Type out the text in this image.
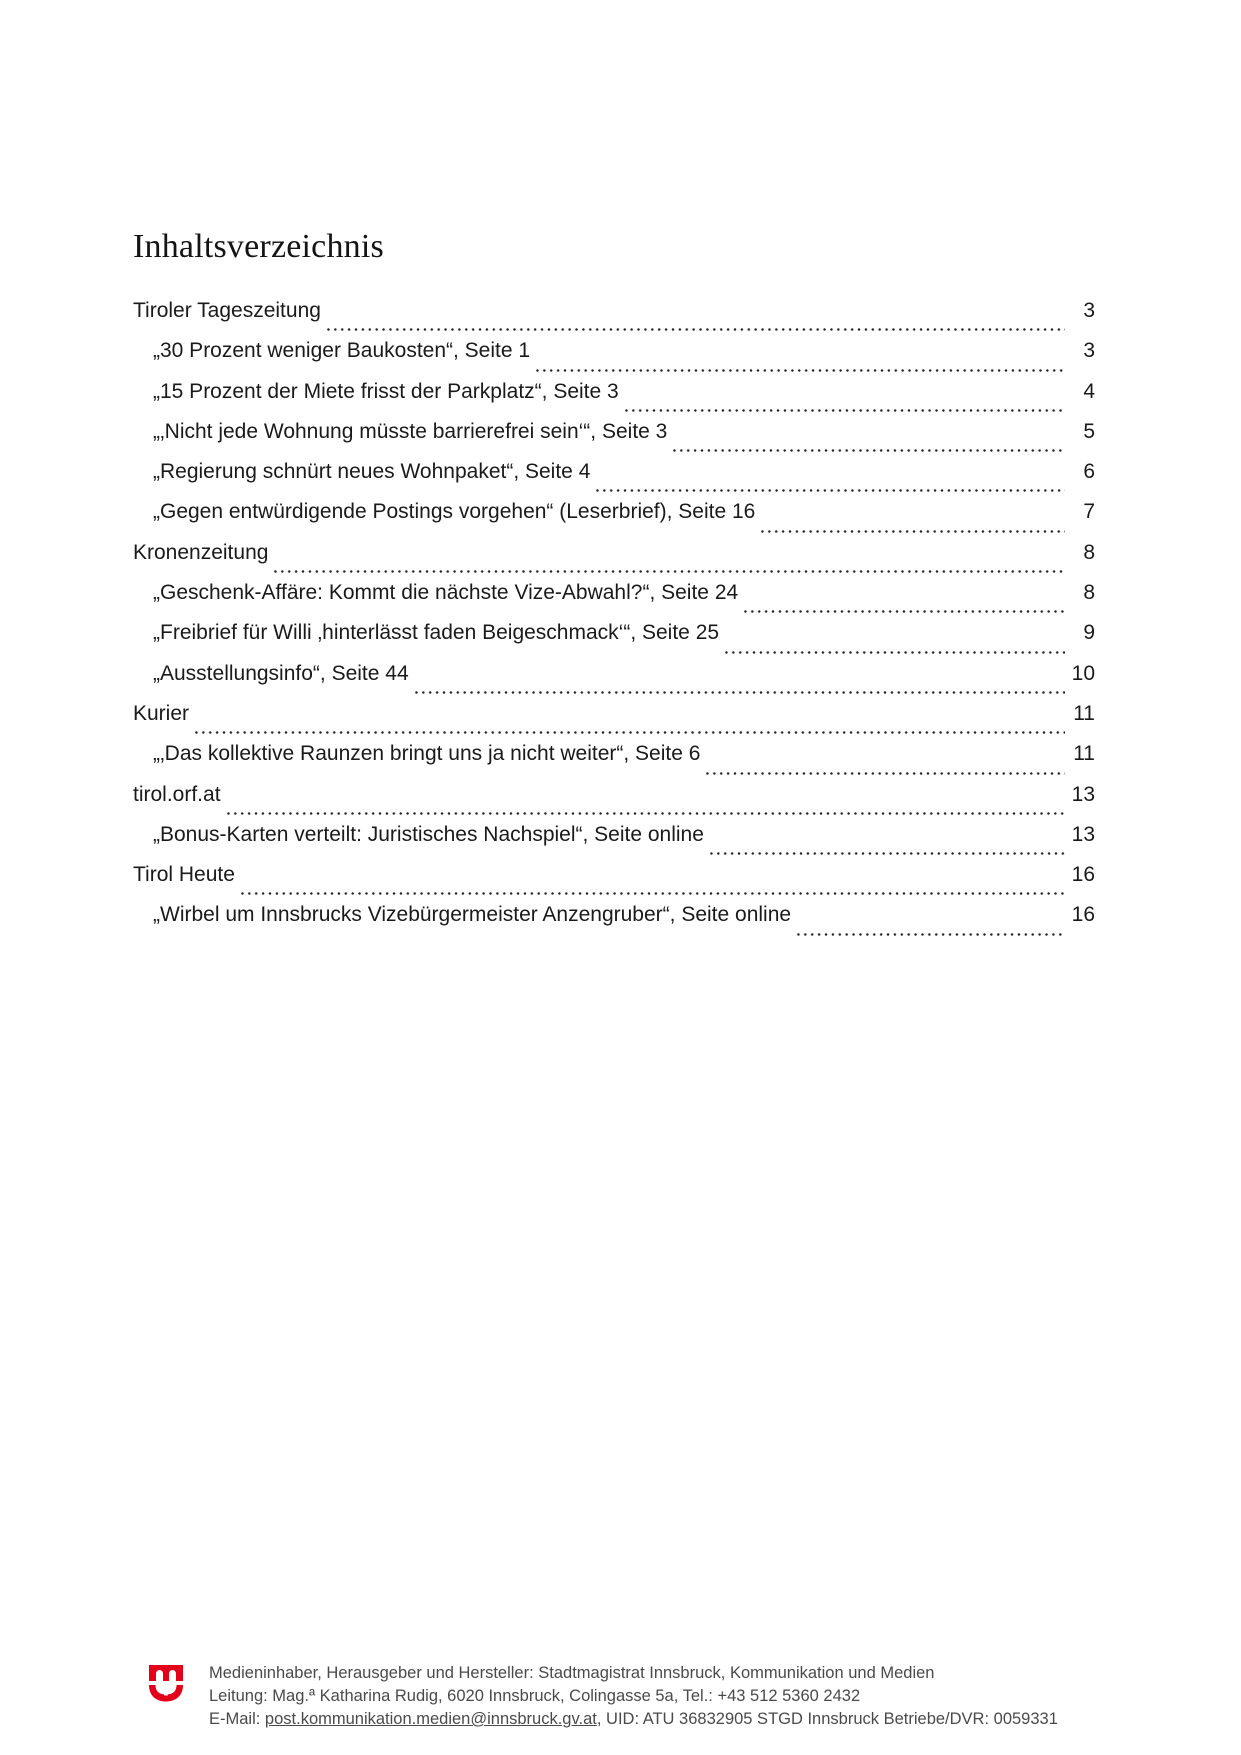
Inhaltsverzeichnis
Tiroler Tageszeitung	3
„30 Prozent weniger Baukosten“, Seite 1	3
„15 Prozent der Miete frisst der Parkplatz“, Seite 3	4
„‚Nicht jede Wohnung müsste barrierefrei sein‘“, Seite 3	5
„Regierung schnürt neues Wohnpaket“, Seite 4	6
„Gegen entwürdigende Postings vorgehen“ (Leserbrief), Seite 16	7
Kronenzeitung	8
„Geschenk-Affäre: Kommt die nächste Vize-Abwahl?“, Seite 24	8
„Freibrief für Willi ‚hinterlässt faden Beigeschmack‘“, Seite 25	9
„Ausstellungsinfo“, Seite 44	10
Kurier	11
„‚Das kollektive Raunzen bringt uns ja nicht weiter“, Seite 6	11
tirol.orf.at	13
„Bonus-Karten verteilt: Juristisches Nachspiel“, Seite online	13
Tirol Heute	16
„Wirbel um Innsbrucks Vizebürgermeister Anzengruber“, Seite online	16
Medieninhaber, Herausgeber und Hersteller: Stadtmagistrat Innsbruck, Kommunikation und Medien
Leitung: Mag.ª Katharina Rudig, 6020 Innsbruck, Colingasse 5a, Tel.: +43 512 5360 2432
E-Mail: post.kommunikation.medien@innsbruck.gv.at, UID: ATU 36832905 STGD Innsbruck Betriebe/DVR: 0059331
